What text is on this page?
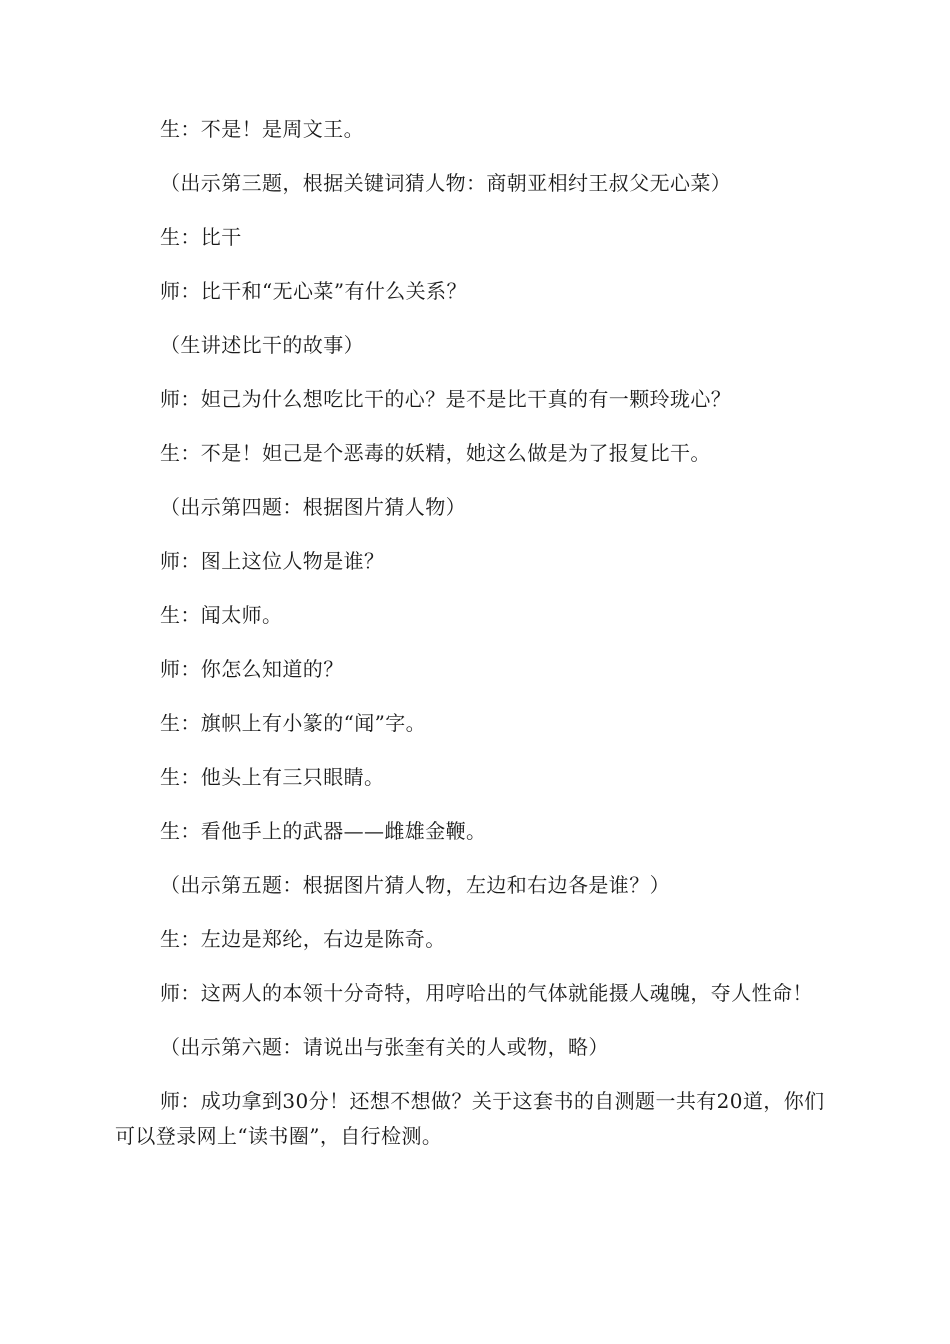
生：不是！是周文王。

（出示第三题，根据关键词猜人物：商朝亚相纣王叔父无心菜）

生：比干

师：比干和“无心菜”有什么关系？

（生讲述比干的故事）

师：妲己为什么想吃比干的心？是不是比干真的有一颗玲珑心？

生：不是！妲己是个恶毒的妖精，她这么做是为了报复比干。

（出示第四题：根据图片猜人物）

师：图上这位人物是谁？

生：闻太师。

师：你怎么知道的？

生：旗帜上有小篆的“闻”字。

生：他头上有三只眼睛。

生：看他手上的武器——雌雄金鞭。

（出示第五题：根据图片猜人物，左边和右边各是谁？）

生：左边是郑纶，右边是陈奇。

师：这两人的本领十分奇特，用哼哈出的气体就能摄人魂魄，夺人性命！

（出示第六题：请说出与张奎有关的人或物，略）

师：成功拿到30分！还想不想做？关于这套书的自测题一共有20道，你们可以登录网上“读书圈”，自行检测。
